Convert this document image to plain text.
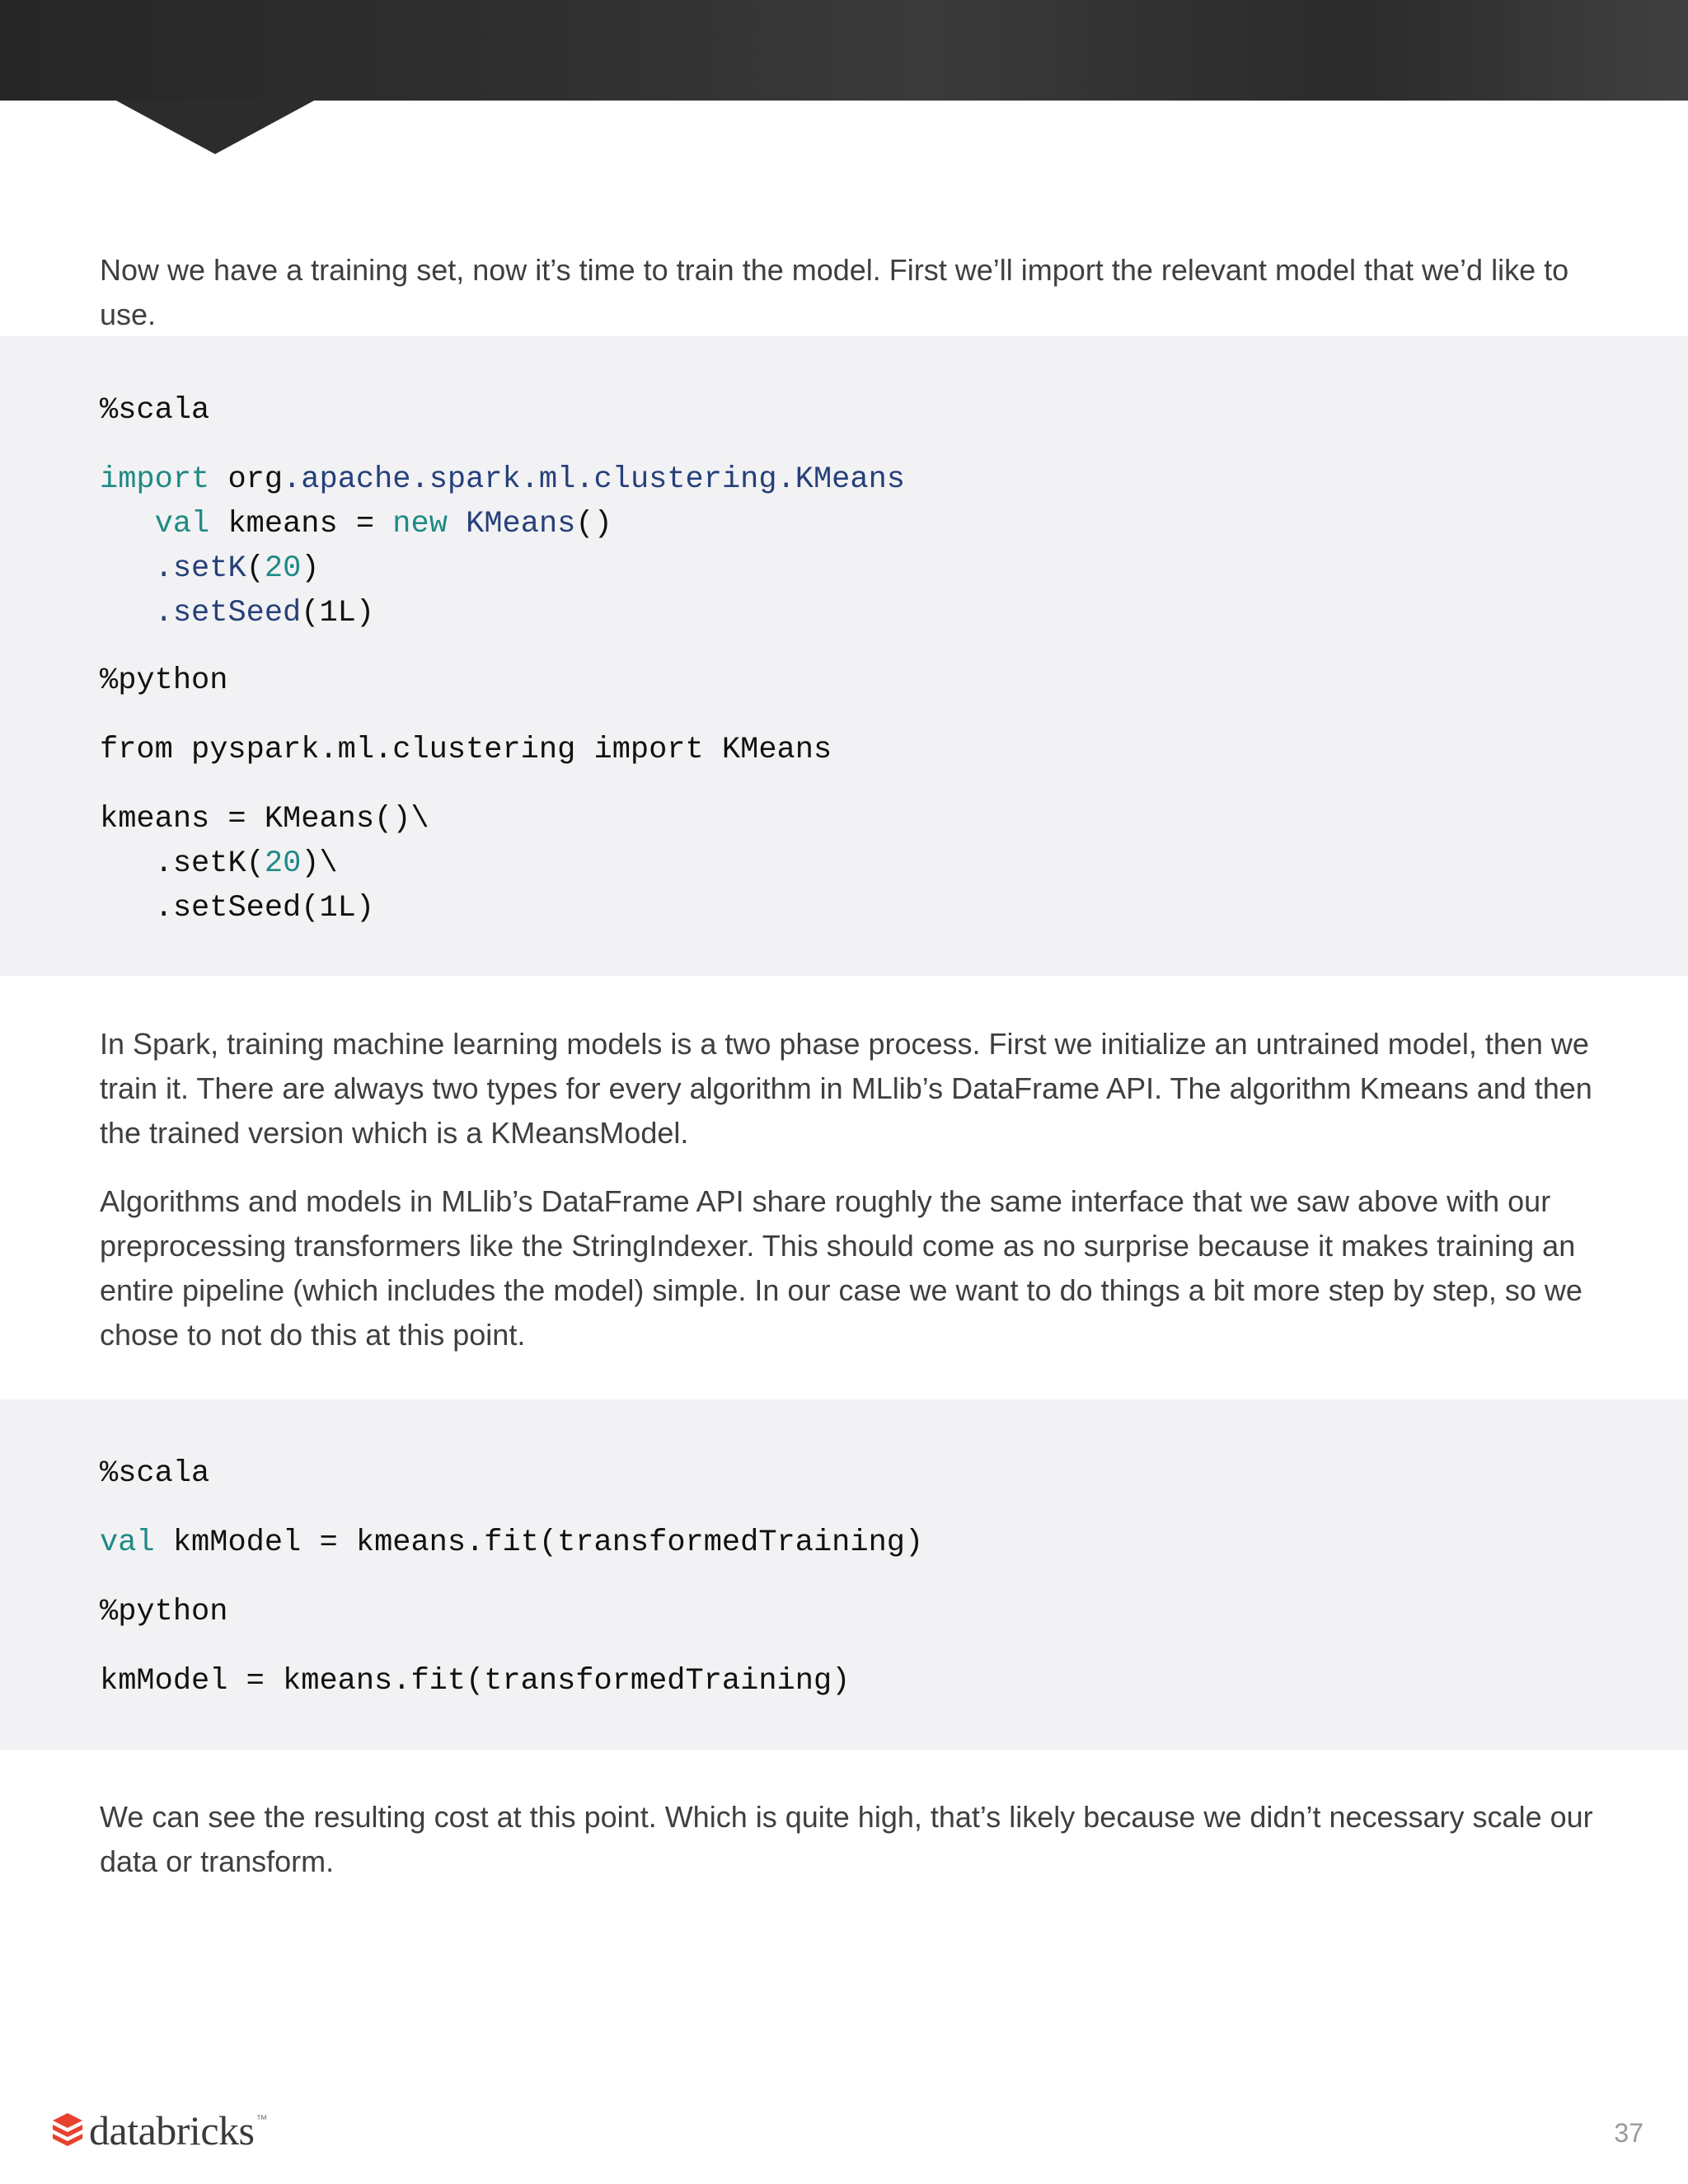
Now we have a training set, now it’s time to train the model. First we’ll import the relevant model that we’d like to use.

%scala
import org.apache.spark.ml.clustering.KMeans
val kmeans = new KMeans()
.setK(20)
.setSeed(1L)
%python
from pyspark.ml.clustering import KMeans
kmeans = KMeans()\
.setK(20)\
.setSeed(1L)

In Spark, training machine learning models is a two phase process. First we initialize an untrained model, then we train it. There are always two types for every algorithm in MLlib’s DataFrame API. The algorithm Kmeans and then the trained version which is a KMeansModel.

Algorithms and models in MLlib’s DataFrame API share roughly the same interface that we saw above with our preprocessing transformers like the StringIndexer. This should come as no surprise because it makes training an entire pipeline (which includes the model) simple. In our case we want to do things a bit more step by step, so we chose to not do this at this point.

%scala
val kmModel = kmeans.fit(transformedTraining)
%python
kmModel = kmeans.fit(transformedTraining)

We can see the resulting cost at this point. Which is quite high, that’s likely because we didn’t necessary scale our data or transform.

databricks ™	37
